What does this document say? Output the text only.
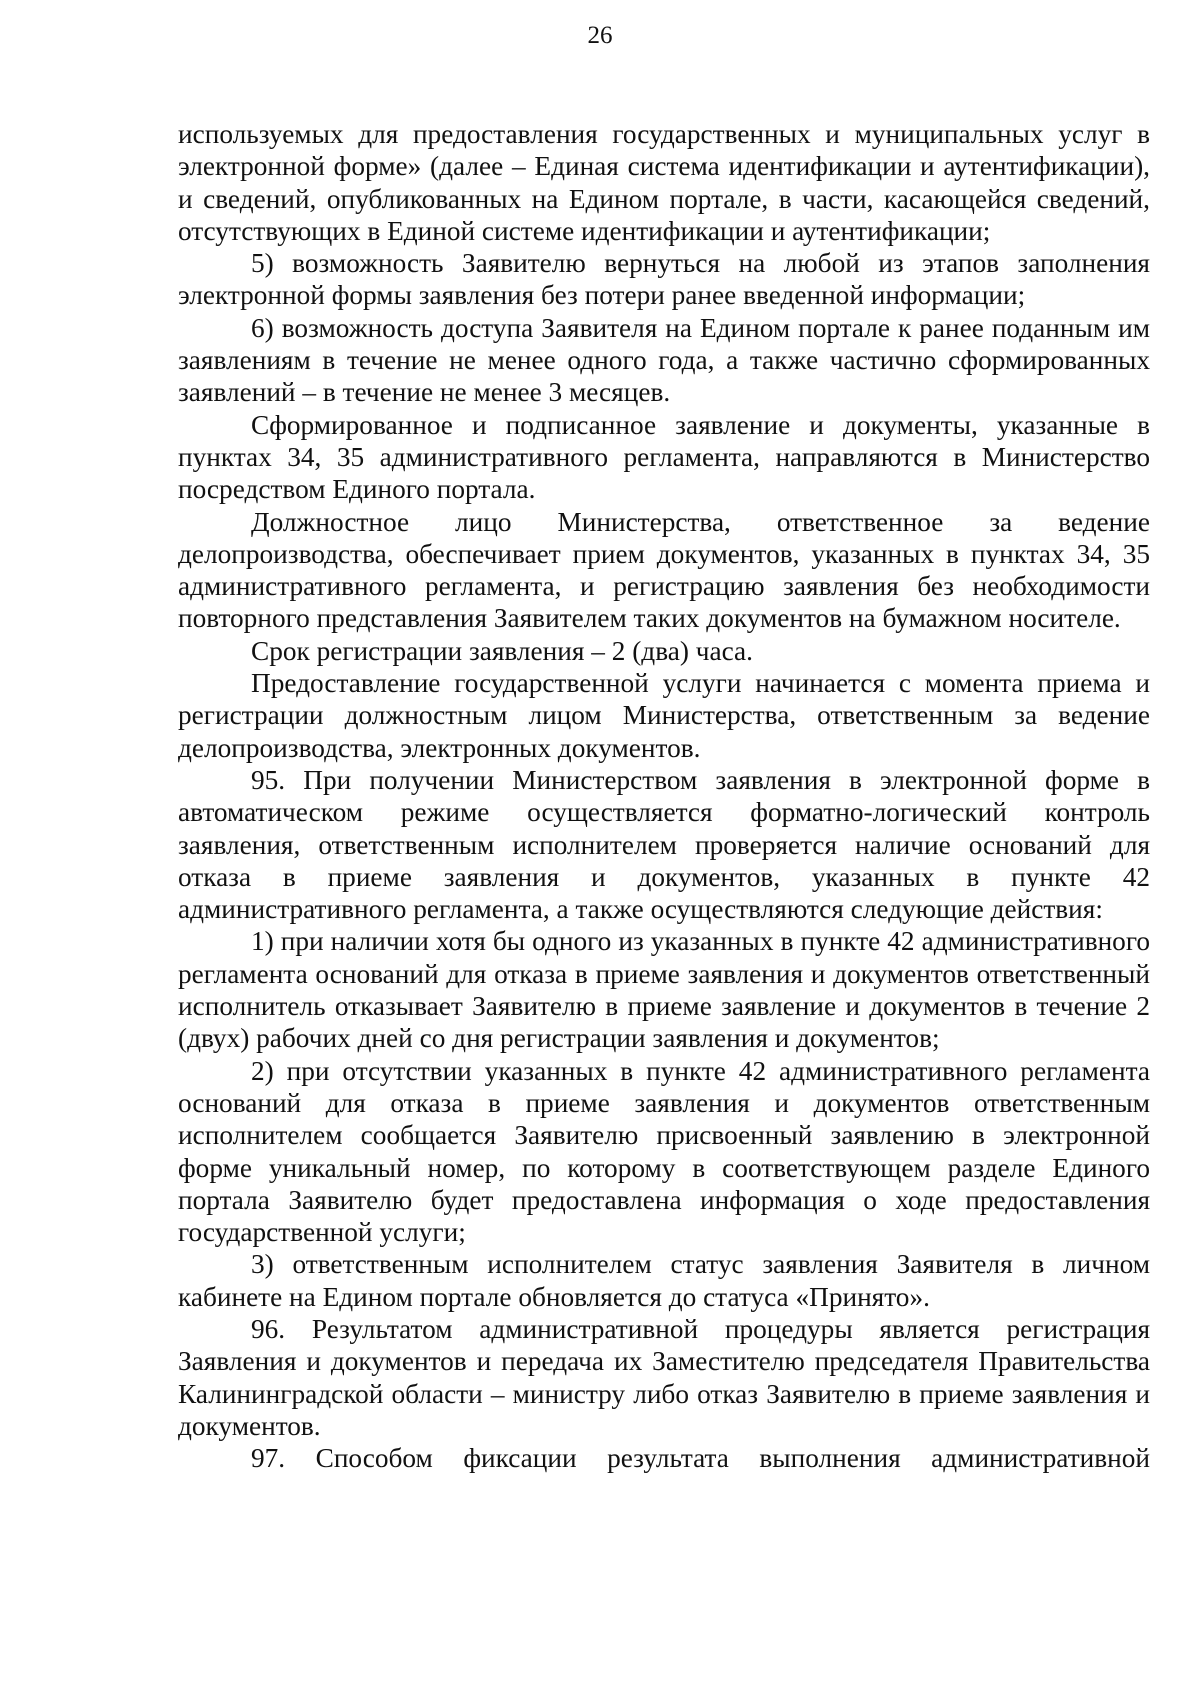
26

используемых для предоставления государственных и муниципальных услуг в электронной форме» (далее – Единая система идентификации и аутентификации), и сведений, опубликованных на Едином портале, в части, касающейся сведений, отсутствующих в Единой системе идентификации и аутентификации;

5) возможность Заявителю вернуться на любой из этапов заполнения электронной формы заявления без потери ранее введенной информации;

6) возможность доступа Заявителя на Едином портале к ранее поданным им заявлениям в течение не менее одного года, а также частично сформированных заявлений – в течение не менее 3 месяцев.

Сформированное и подписанное заявление и документы, указанные в пунктах 34, 35 административного регламента, направляются в Министерство посредством Единого портала.

Должностное лицо Министерства, ответственное за ведение делопроизводства, обеспечивает прием документов, указанных в пунктах 34, 35 административного регламента, и регистрацию заявления без необходимости повторного представления Заявителем таких документов на бумажном носителе.

Срок регистрации заявления – 2 (два) часа.

Предоставление государственной услуги начинается с момента приема и регистрации должностным лицом Министерства, ответственным за ведение делопроизводства, электронных документов.

95. При получении Министерством заявления в электронной форме в автоматическом режиме осуществляется форматно-логический контроль заявления, ответственным исполнителем проверяется наличие оснований для отказа в приеме заявления и документов, указанных в пункте 42 административного регламента, а также осуществляются следующие действия:

1) при наличии хотя бы одного из указанных в пункте 42 административного регламента оснований для отказа в приеме заявления и документов ответственный исполнитель отказывает Заявителю в приеме заявление и документов в течение 2 (двух) рабочих дней со дня регистрации заявления и документов;

2) при отсутствии указанных в пункте 42 административного регламента оснований для отказа в приеме заявления и документов ответственным исполнителем сообщается Заявителю присвоенный заявлению в электронной форме уникальный номер, по которому в соответствующем разделе Единого портала Заявителю будет предоставлена информация о ходе предоставления государственной услуги;

3) ответственным исполнителем статус заявления Заявителя в личном кабинете на Едином портале обновляется до статуса «Принято».

96. Результатом административной процедуры является регистрация Заявления и документов и передача их Заместителю председателя Правительства Калининградской области – министру либо отказ Заявителю в приеме заявления и документов.

97. Способом фиксации результата выполнения административной
